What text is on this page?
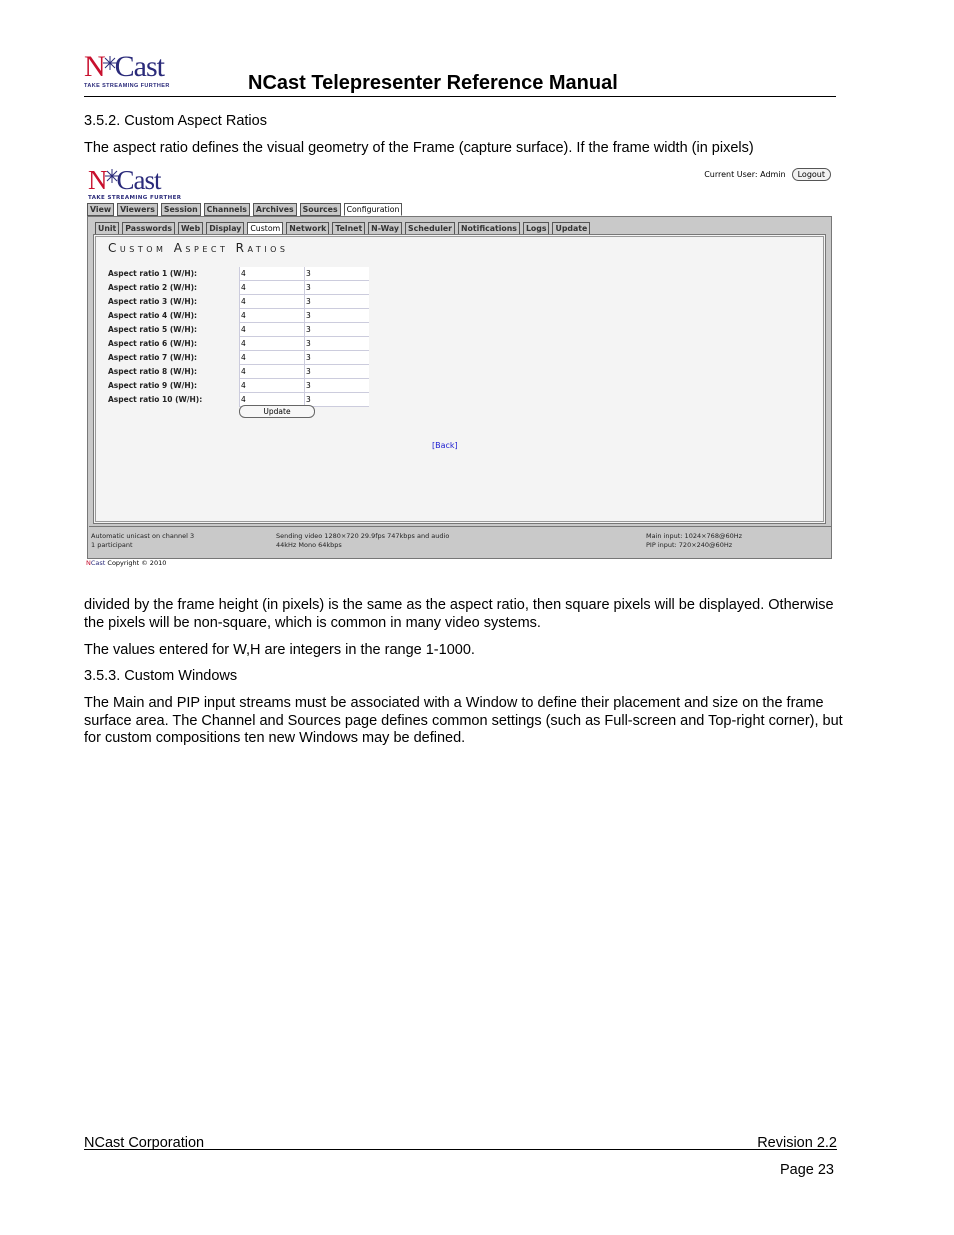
N Cast
TAKE STREAMING FURTHER	NCast Telepresenter Reference Manual
3.5.2. Custom Aspect Ratios
The aspect ratio defines the visual geometry of the Frame (capture surface). If the frame width (in pixels)
N Cast
TAKE STREAMING FURTHER
Current User: Admin	Logout
View	Viewers	Session	Channels	Archives	Sources	Configuration
Unit	Passwords	Web	Display	Custom	Network	Telnet	N-Way	Scheduler	Notifications	Logs	Update
Custom Aspect Ratios
Aspect ratio 1 (W/H):
4
3
Aspect ratio 2 (W/H):
4
3
Aspect ratio 3 (W/H):
4
3
Aspect ratio 4 (W/H):
4
3
Aspect ratio 5 (W/H):
4
3
Aspect ratio 6 (W/H):
4
3
Aspect ratio 7 (W/H):
4
3
Aspect ratio 8 (W/H):
4
3
Aspect ratio 9 (W/H):
4
3
Aspect ratio 10 (W/H):
4
3
Update
[Back]
Automatic unicast on channel 3
1 participant
Sending video 1280×720 29.9fps 747kbps and audio
44kHz Mono 64kbps
Main input: 1024×768@60Hz
PIP input: 720×240@60Hz
NCast Copyright © 2010
divided by the frame height (in pixels) is the same as the aspect ratio, then square pixels will be displayed. Otherwise the pixels will be non-square, which is common in many video systems.
The values entered for W,H are integers in the range 1-1000.
3.5.3. Custom Windows
The Main and PIP input streams must be associated with a Window to define their placement and size on the frame surface area. The Channel and Sources page defines common settings (such as Full-screen and Top-right corner), but for custom compositions ten new Windows may be defined.
NCast Corporation	Revision 2.2
Page 23
